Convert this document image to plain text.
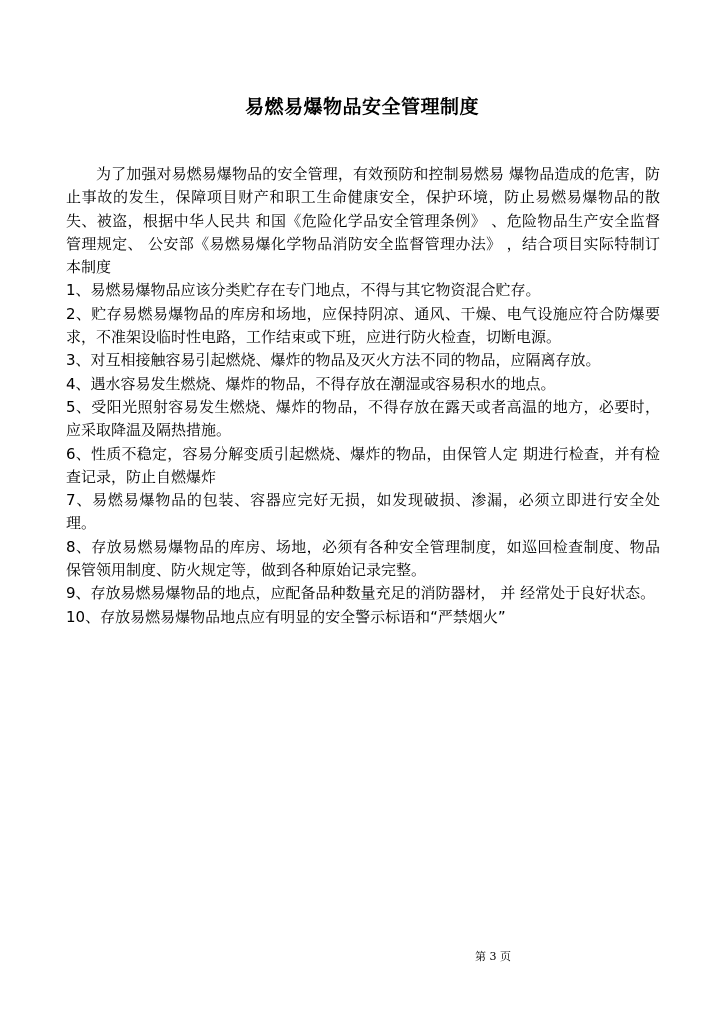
易燃易爆物品安全管理制度

为了加强对易燃易爆物品的安全管理，有效预防和控制易燃易 爆物品造成的危害，防止事故的发生，保障项目财产和职工生命健康安全，保护环境，防止易燃易爆物品的散失、被盗，根据中华人民共 和国《危险化学品安全管理条例》 、危险物品生产安全监督管理规定、 公安部《易燃易爆化学物品消防安全监督管理办法》 ，结合项目实际特制订本制度

1、易燃易爆物品应该分类贮存在专门地点，不得与其它物资混合贮存。

2、贮存易燃易爆物品的库房和场地，应保持阴凉、通风、干燥、电气设施应符合防爆要求，不准架设临时性电路，工作结束或下班，应进行防火检查，切断电源。

3、对互相接触容易引起燃烧、爆炸的物品及灭火方法不同的物品，应隔离存放。

4、遇水容易发生燃烧、爆炸的物品，不得存放在潮湿或容易积水的地点。

5、受阳光照射容易发生燃烧、爆炸的物品，不得存放在露天或者高温的地方，必要时，应采取降温及隔热措施。

6、性质不稳定，容易分解变质引起燃烧、爆炸的物品，由保管人定 期进行检查，并有检查记录，防止自燃爆炸

7、易燃易爆物品的包装、容器应完好无损，如发现破损、渗漏，必须立即进行安全处理。

8、存放易燃易爆物品的库房、场地，必须有各种安全管理制度，如巡回检查制度、物品保管领用制度、防火规定等，做到各种原始记录完整。

9、存放易燃易爆物品的地点，应配备品种数量充足的消防器材， 并 经常处于良好状态。

10、存放易燃易爆物品地点应有明显的安全警示标语和“严禁烟火”

第 3 页
